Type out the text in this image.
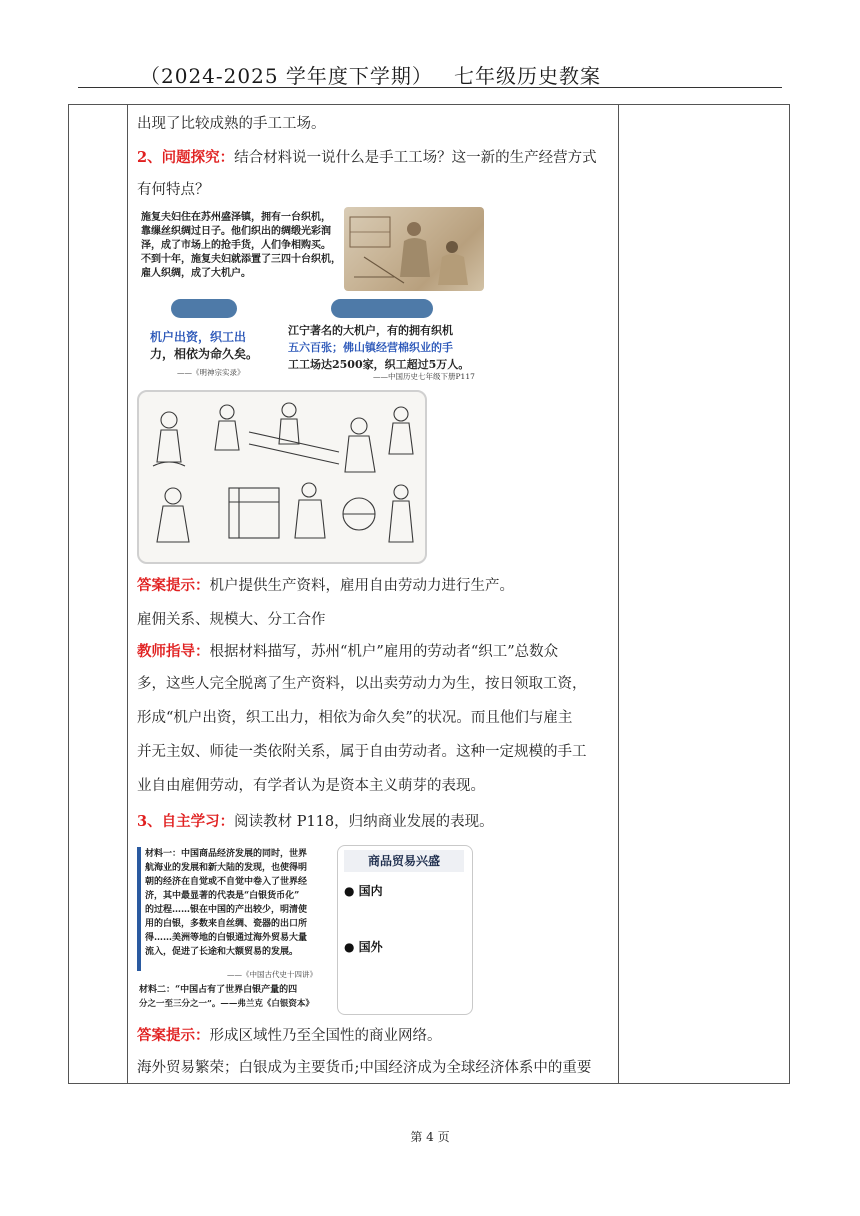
（2024-2025 学年度下学期） 七年级历史教案
出现了比较成熟的手工工场。
2、问题探究：结合材料说一说什么是手工工场？这一新的生产经营方式
有何特点？
施复夫妇住在苏州盛泽镇，拥有一台织机，
靠缫丝织绸过日子。他们织出的绸缎光彩润
泽，成了市场上的抢手货，人们争相购买。
不到十年，施复夫妇就添置了三四十台织机，
雇人织绸，成了大机户。
机户出资，织工出
力，相依为命久矣。
——《明神宗实录》
江宁著名的大机户，有的拥有织机
五六百张；佛山镇经营棉织业的手
工工场达2500家，织工超过5万人。
——中国历史七年级下册P117
答案提示：机户提供生产资料，雇用自由劳动力进行生产。
雇佣关系、规模大、分工合作
教师指导：根据材料描写，苏州“机户”雇用的劳动者“织工”总数众
多，这些人完全脱离了生产资料，以出卖劳动力为生，按日领取工资，
形成“机户出资，织工出力，相依为命久矣”的状况。而且他们与雇主
并无主奴、师徒一类依附关系，属于自由劳动者。这种一定规模的手工
业自由雇佣劳动，有学者认为是资本主义萌芽的表现。
3、自主学习：阅读教材 P118，归纳商业发展的表现。
材料一：中国商品经济发展的同时，世界
航海业的发展和新大陆的发现，也使得明
朝的经济在自觉或不自觉中卷入了世界经
济，其中最显著的代表是“白银货币化”
的过程……银在中国的产出较少，明清使
用的白银，多数来自丝绸、瓷器的出口所
得……美洲等地的白银通过海外贸易大量
流入，促进了长途和大额贸易的发展。
——《中国古代史十四讲》
材料二：“中国占有了世界白银产量的四
分之一至三分之一”。——弗兰克《白银资本》
商品贸易兴盛
● 国内
● 国外
答案提示：形成区域性乃至全国性的商业网络。
海外贸易繁荣；白银成为主要货币;中国经济成为全球经济体系中的重要
第 4 页
